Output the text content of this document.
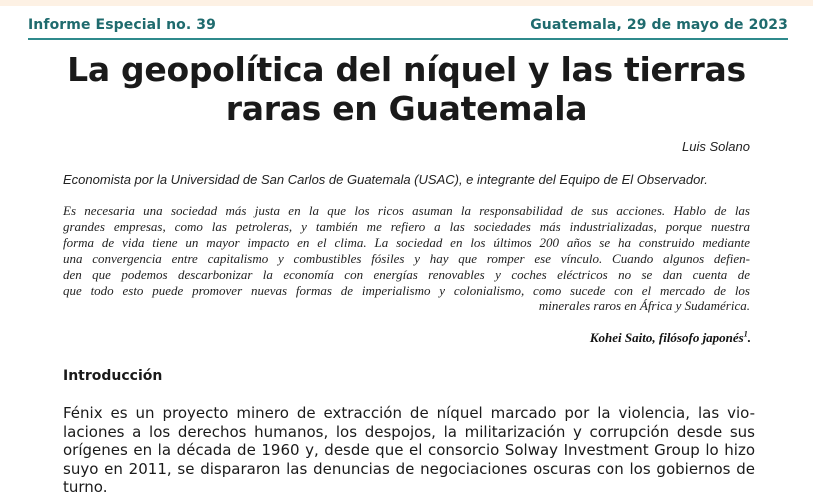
Informe Especial no. 39	Guatemala, 29 de mayo de 2023
La geopolítica del níquel y las tierras raras en Guatemala
Luis Solano
Economista por la Universidad de San Carlos de Guatemala (USAC), e integrante del Equipo de El Observador.
Es necesaria una sociedad más justa en la que los ricos asuman la responsabilidad de sus acciones. Hablo de las
grandes empresas, como las petroleras, y también me refiero a las sociedades más industrializadas, porque nuestra
forma de vida tiene un mayor impacto en el clima. La sociedad en los últimos 200 años se ha construido mediante
una convergencia entre capitalismo y combustibles fósiles y hay que romper ese vínculo. Cuando algunos defien-
den que podemos descarbonizar la economía con energías renovables y coches eléctricos no se dan cuenta de
que todo esto puede promover nuevas formas de imperialismo y colonialismo, como sucede con el mercado de los
minerales raros en África y Sudamérica.
Kohei Saito, filósofo japonés$^1$.
Introducción
Fénix es un proyecto minero de extracción de níquel marcado por la violencia, las vio-
laciones a los derechos humanos, los despojos, la militarización y corrupción desde sus
orígenes en la década de 1960 y, desde que el consorcio Solway Investment Group lo hizo
suyo en 2011, se dispararon las denuncias de negociaciones oscuras con los gobiernos de
turno.
